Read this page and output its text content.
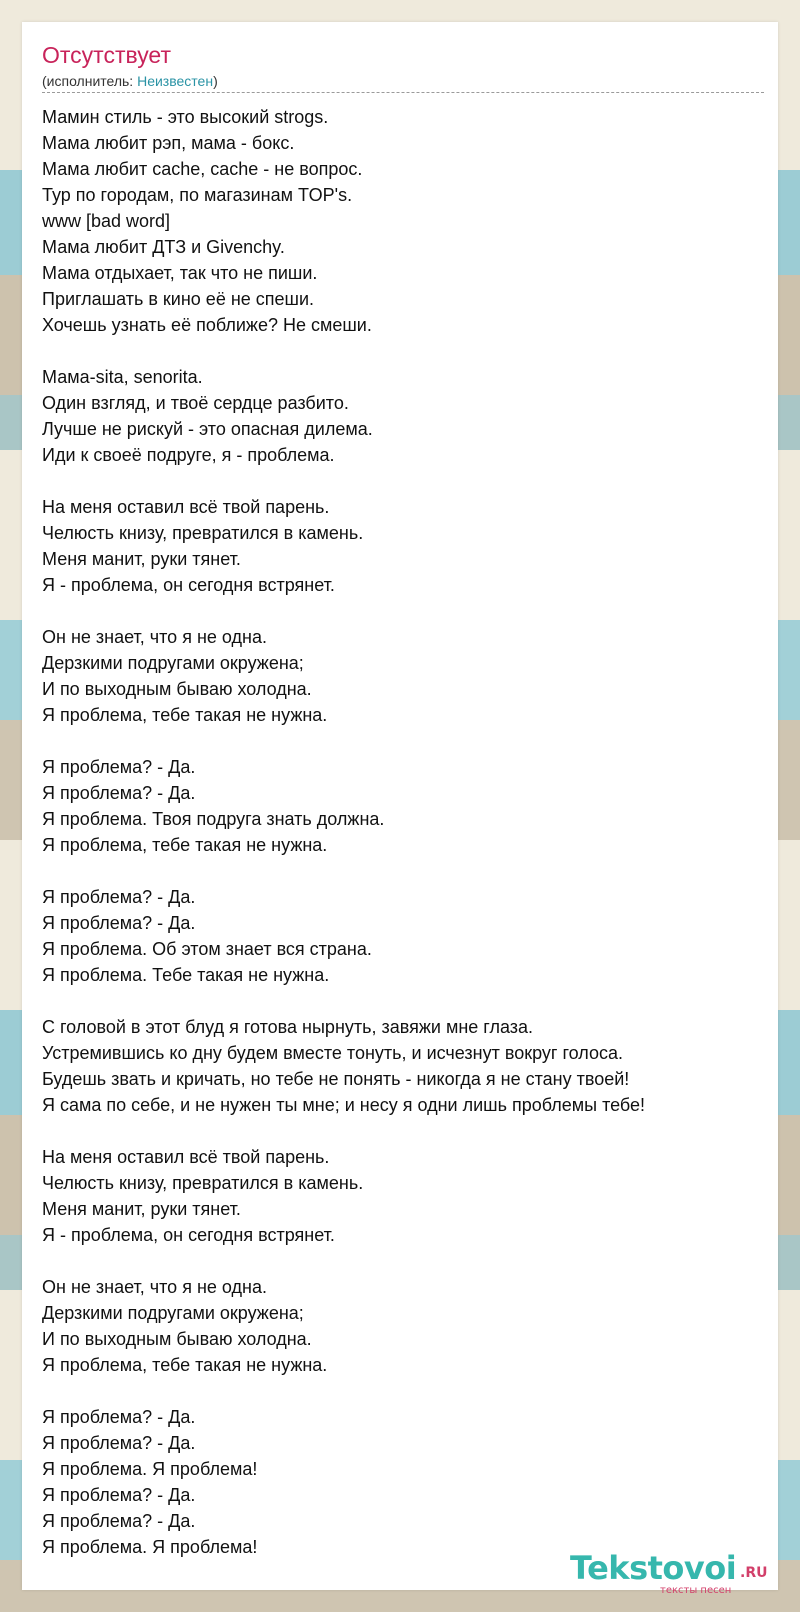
Отсутствует
(исполнитель: Неизвестен)
Мамин стиль - это высокий strogs.
Мама любит рэп, мама - бокс.
Мама любит cache, cache - не вопрос.
Тур по городам, по магазинам TOP's.
www [bad word]
Мама любит ДТЗ и Givenchy.
Мама отдыхает, так что не пиши.
Приглашать в кино её не спеши.
Хочешь узнать её поближе? Не смеши.

Мама-sita, senorita.
Один взгляд, и твоё сердце разбито.
Лучше не рискуй - это опасная дилема.
Иди к своеё подруге, я - проблема.

На меня оставил всё твой парень.
Челюсть книзу, превратился в камень.
Меня манит, руки тянет.
Я - проблема, он сегодня встрянет.

Он не знает, что я не одна.
Дерзкими подругами окружена;
И по выходным бываю холодна.
Я проблема, тебе такая не нужна.

Я проблема? - Да.
Я проблема? - Да.
Я проблема. Твоя подруга знать должна.
Я проблема, тебе такая не нужна.

Я проблема? - Да.
Я проблема? - Да.
Я проблема. Об этом знает вся страна.
Я проблема. Тебе такая не нужна.

С головой в этот блуд я готова нырнуть, завяжи мне глаза.
Устремившись ко дну будем вместе тонуть, и исчезнут вокруг голоса.
Будешь звать и кричать, но тебе не понять - никогда я не стану твоей!
Я сама по себе, и не нужен ты мне; и несу я одни лишь проблемы тебе!

На меня оставил всё твой парень.
Челюсть книзу, превратился в камень.
Меня манит, руки тянет.
Я - проблема, он сегодня встрянет.

Он не знает, что я не одна.
Дерзкими подругами окружена;
И по выходным бываю холодна.
Я проблема, тебе такая не нужна.

Я проблема? - Да.
Я проблема? - Да.
Я проблема. Я проблема!
Я проблема? - Да.
Я проблема? - Да.
Я проблема. Я проблема!
Tekstovoi .RU
тексты песен
